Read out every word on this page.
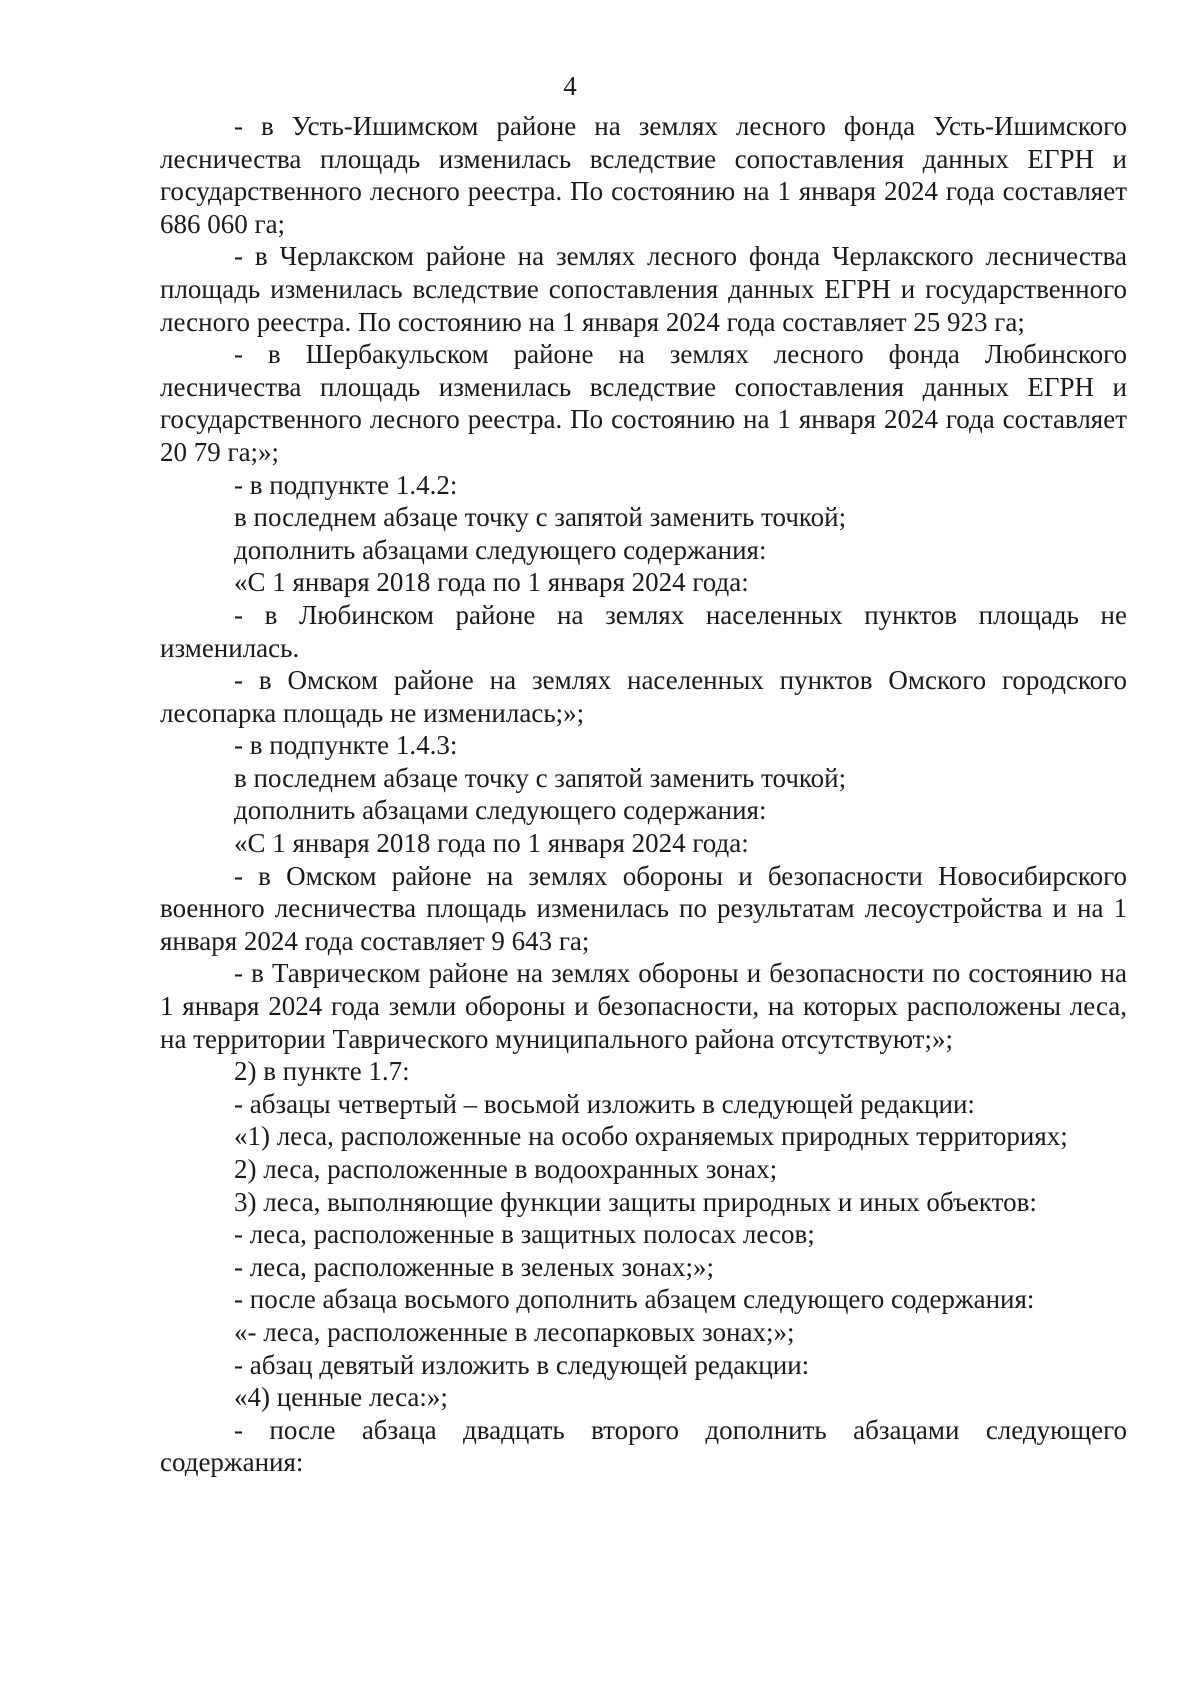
4

- в Усть-Ишимском районе на землях лесного фонда Усть-Ишимского лесничества площадь изменилась вследствие сопоставления данных ЕГРН и государственного лесного реестра. По состоянию на 1 января 2024 года составляет 686 060 га;

- в Черлакском районе на землях лесного фонда Черлакского лесничества площадь изменилась вследствие сопоставления данных ЕГРН и государственного лесного реестра. По состоянию на 1 января 2024 года составляет 25 923 га;

- в Шербакульском районе на землях лесного фонда Любинского лесничества площадь изменилась вследствие сопоставления данных ЕГРН и государственного лесного реестра. По состоянию на 1 января 2024 года составляет 20 79 га;»;

- в подпункте 1.4.2:

в последнем абзаце точку с запятой заменить точкой;

дополнить абзацами следующего содержания:

«С 1 января 2018 года по 1 января 2024 года:

- в Любинском районе на землях населенных пунктов площадь не изменилась.

- в Омском районе на землях населенных пунктов Омского городского лесопарка площадь не изменилась;»;

- в подпункте 1.4.3:

в последнем абзаце точку с запятой заменить точкой;

дополнить абзацами следующего содержания:

«С 1 января 2018 года по 1 января 2024 года:

- в Омском районе на землях обороны и безопасности Новосибирского военного лесничества площадь изменилась по результатам лесоустройства и на 1 января 2024 года составляет 9 643 га;

- в Таврическом районе на землях обороны и безопасности по состоянию на 1 января 2024 года земли обороны и безопасности, на которых расположены леса, на территории Таврического муниципального района отсутствуют;»;

2) в пункте 1.7:

- абзацы четвертый – восьмой изложить в следующей редакции:

«1) леса, расположенные на особо охраняемых природных территориях;

2) леса, расположенные в водоохранных зонах;

3) леса, выполняющие функции защиты природных и иных объектов:

- леса, расположенные в защитных полосах лесов;

- леса, расположенные в зеленых зонах;»;

- после абзаца восьмого дополнить абзацем следующего содержания:

«- леса, расположенные в лесопарковых зонах;»;

- абзац девятый изложить в следующей редакции:

«4) ценные леса:»;

- после абзаца двадцать второго дополнить абзацами следующего содержания:
